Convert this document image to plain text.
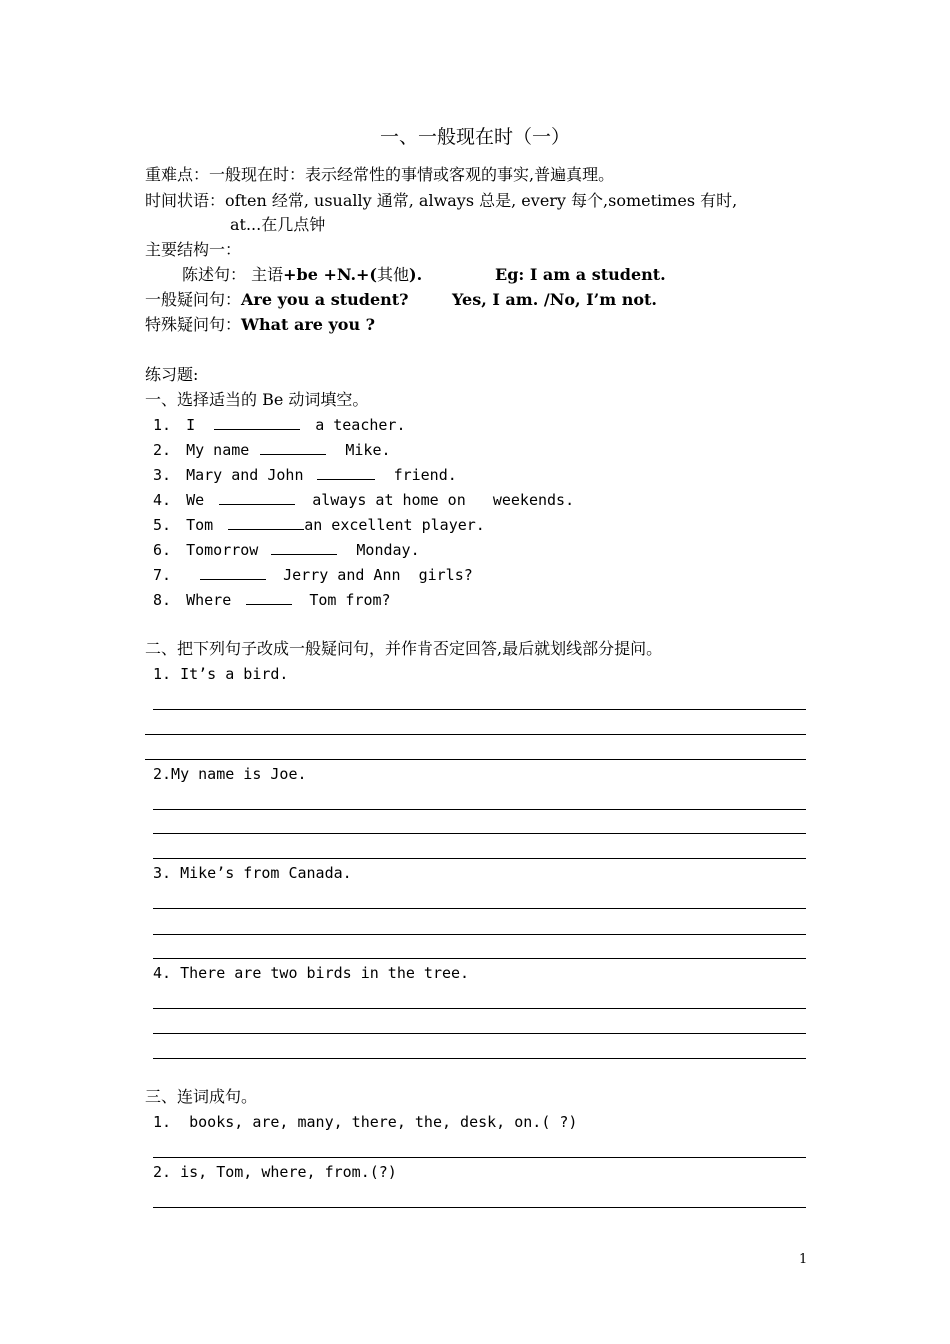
一、一般现在时（一）
重难点：一般现在时：表示经常性的事情或客观的事实,普遍真理。
时间状语：often 经常, usually 通常, always 总是, every 每个,sometimes 有时,
at...在几点钟
主要结构一：
陈述句： 主语+be +N.+(其他).	Eg: I am a student.
一般疑问句：Are you a student?	Yes, I am. /No, I’m not.
特殊疑问句：What are you ?
练习题:
一、选择适当的 Be 动词填空。
1. I	a teacher.
2. My name	Mike.
3. Mary and John	friend.
4. We	always at home on   weekends.
5. Tom	an excellent player.
6. Tomorrow	Monday.
7.	Jerry and Ann  girls?
8. Where	Tom from?
二、把下列句子改成一般疑问句，并作肯否定回答,最后就划线部分提问。
1. It’s a bird.
2.My name is Joe.
3. Mike’s from Canada.
4. There are two birds in the tree.
三、连词成句。
1.  books, are, many, there, the, desk, on.( ?)
2. is, Tom, where, from.(?)
1
